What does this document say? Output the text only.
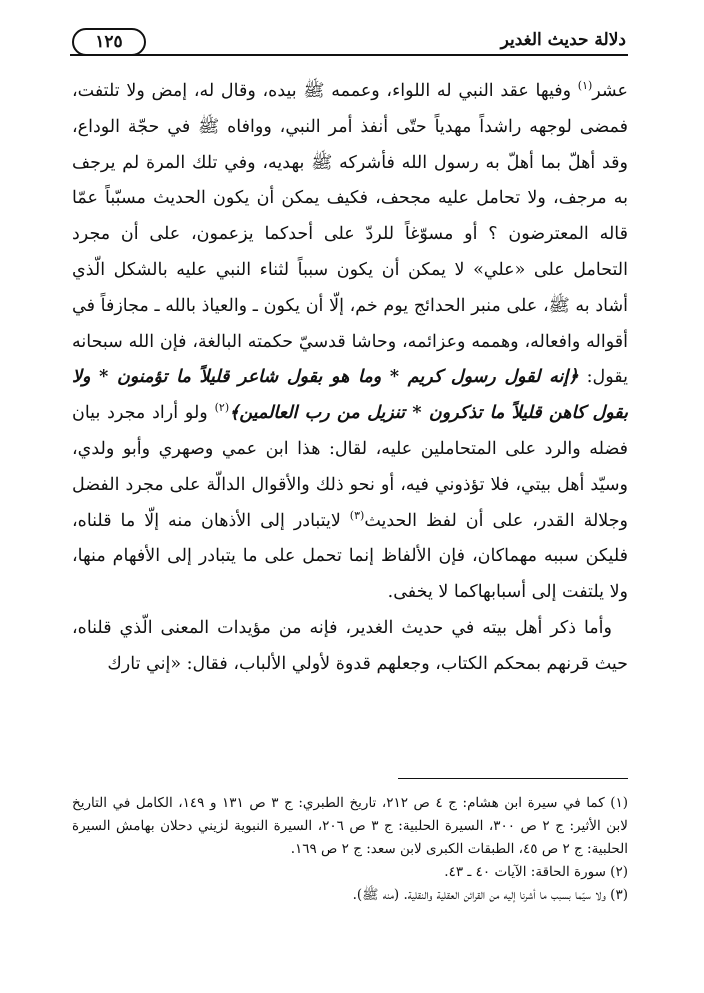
١٢٥	دلالة حديث الغدير

عشر$^{(١)}$ وفيها عقد النبي له اللواء، وعممه ﷺ بيده، وقال له، إمض ولا تلتفت، فمضى لوجهه راشداً مهدياً حتّى أنفذ أمر النبي، ووافاه ﷺ في حجّة الوداع، وقد أهلّ بما أهلّ به رسول الله فأشركه ﷺ بهديه، وفي تلك المرة لم يرجف به مرجف، ولا تحامل عليه مجحف، فكيف يمكن أن يكون الحديث مسبّباً عمّا قاله المعترضون ؟ أو مسوّغاً للردّ على أحدكما يزعمون، على أن مجرد التحامل على «علي» لا يمكن أن يكون سبباً لثناء النبي عليه بالشكل الّذي أشاد به ﷺ، على منبر الحدائج يوم خم، إلّا أن يكون ـ والعياذ بالله ـ مجازفاً في أقواله وافعاله، وهممه وعزائمه، وحاشا قدسيّ حكمته البالغة، فإن الله سبحانه يقول: ﴿إنه لقول رسول كريم * وما هو بقول شاعر قليلاً ما تؤمنون * ولا بقول كاهن قليلاً ما تذكرون * تنزيل من رب العالمين﴾$^{(٢)}$ ولو أراد مجرد بيان فضله والرد على المتحاملين عليه، لقال: هذا ابن عمي وصهري وأبو ولدي، وسيّد أهل بيتي، فلا تؤذوني فيه، أو نحو ذلك والأقوال الدالّة على مجرد الفضل وجلالة القدر، على أن لفظ الحديث$^{(٣)}$ لايتبادر إلى الأذهان منه إلّا ما قلناه، فليكن سببه مهماكان، فإن الألفاظ إنما تحمل على ما يتبادر إلى الأفهام منها، ولا يلتفت إلى أسبابهاكما لا يخفى.

وأما ذكر أهل بيته في حديث الغدير، فإنه من مؤيدات المعنى الّذي قلناه، حيث قرنهم بمحكم الكتاب، وجعلهم قدوة لأولي الألباب، فقال: «إني تارك

(١) كما في سيرة ابن هشام: ج ٤ ص ٢١٢، تاريخ الطبري: ج ٣ ص ١٣١ و ١٤٩، الكامل في التاريخ لابن الأثير: ج ٢ ص ٣٠٠، السيرة الحلبية: ج ٣ ص ٢٠٦، السيرة النبوية لزيني دحلان بهامش السيرة الحلبية: ج ٢ ص ٤٥، الطبقات الكبرى لابن سعد: ج ٢ ص ١٦٩.

(٢) سورة الحاقة: الآيات ٤٠ ـ ٤٣.

(٣) ولا سيّما بسبب ما أشرنا إليه من القرائن العقلية والنقلية. (منه ﷺ).
